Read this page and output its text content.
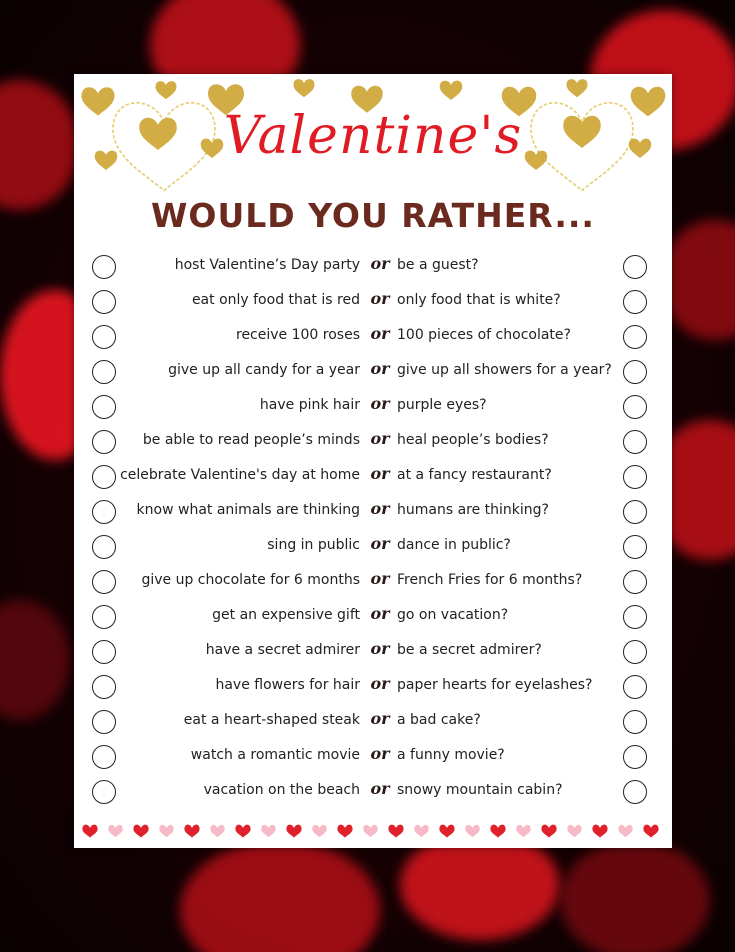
Valentine's
WOULD YOU RATHER...
host Valentine’s Day party or be a guest?
eat only food that is red or only food that is white?
receive 100 roses or 100 pieces of chocolate?
give up all candy for a year or give up all showers for a year?
have pink hair or purple eyes?
be able to read people’s minds or heal people’s bodies?
celebrate Valentine's day at home or at a fancy restaurant?
know what animals are thinking or humans are thinking?
sing in public or dance in public?
give up chocolate for 6 months or French Fries for 6 months?
get an expensive gift or go on vacation?
have a secret admirer or be a secret admirer?
have flowers for hair or paper hearts for eyelashes?
eat a heart-shaped steak or a bad cake?
watch a romantic movie or a funny movie?
vacation on the beach or snowy mountain cabin?
